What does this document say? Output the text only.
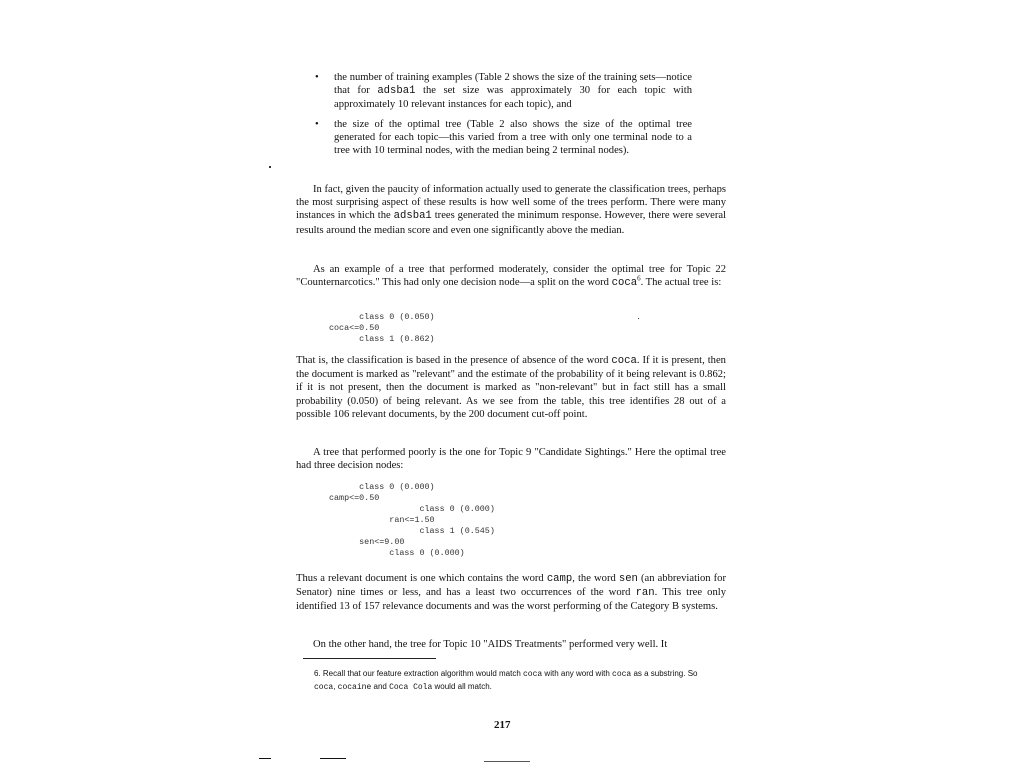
• the number of training examples (Table 2 shows the size of the training sets—notice that for adsba1 the set size was approximately 30 for each topic with approximately 10 relevant instances for each topic), and
• the size of the optimal tree (Table 2 also shows the size of the optimal tree generated for each topic—this varied from a tree with only one terminal node to a tree with 10 terminal nodes, with the median being 2 terminal nodes).

In fact, given the paucity of information actually used to generate the classification trees, perhaps the most surprising aspect of these results is how well some of the trees perform. There were many instances in which the adsba1 trees generated the minimum response. However, there were several results around the median score and even one significantly above the median.

As an example of a tree that performed moderately, consider the optimal tree for Topic 22 "Counternarcotics." This had only one decision node—a split on the word coca$^6$. The actual tree is:

class 0 (0.050)
coca<=0.50
class 1 (0.862)

That is, the classification is based in the presence of absence of the word coca. If it is present, then the document is marked as "relevant" and the estimate of the probability of it being relevant is 0.862; if it is not present, then the document is marked as "non-relevant" but in fact still has a small probability (0.050) of being relevant. As we see from the table, this tree identifies 28 out of a possible 106 relevant documents, by the 200 document cut-off point.

A tree that performed poorly is the one for Topic 9 "Candidate Sightings." Here the optimal tree had three decision nodes:

class 0 (0.000)
camp<=0.50
class 0 (0.000)
ran<=1.50
class 1 (0.545)
sen<=9.00
class 0 (0.000)

Thus a relevant document is one which contains the word camp, the word sen (an abbreviation for Senator) nine times or less, and has a least two occurrences of the word ran. This tree only identified 13 of 157 relevance documents and was the worst performing of the Category B systems.

On the other hand, the tree for Topic 10 "AIDS Treatments" performed very well. It

6. Recall that our feature extraction algorithm would match coca with any word with coca as a substring. So coca, cocaine and Coca Cola would all match.

217
